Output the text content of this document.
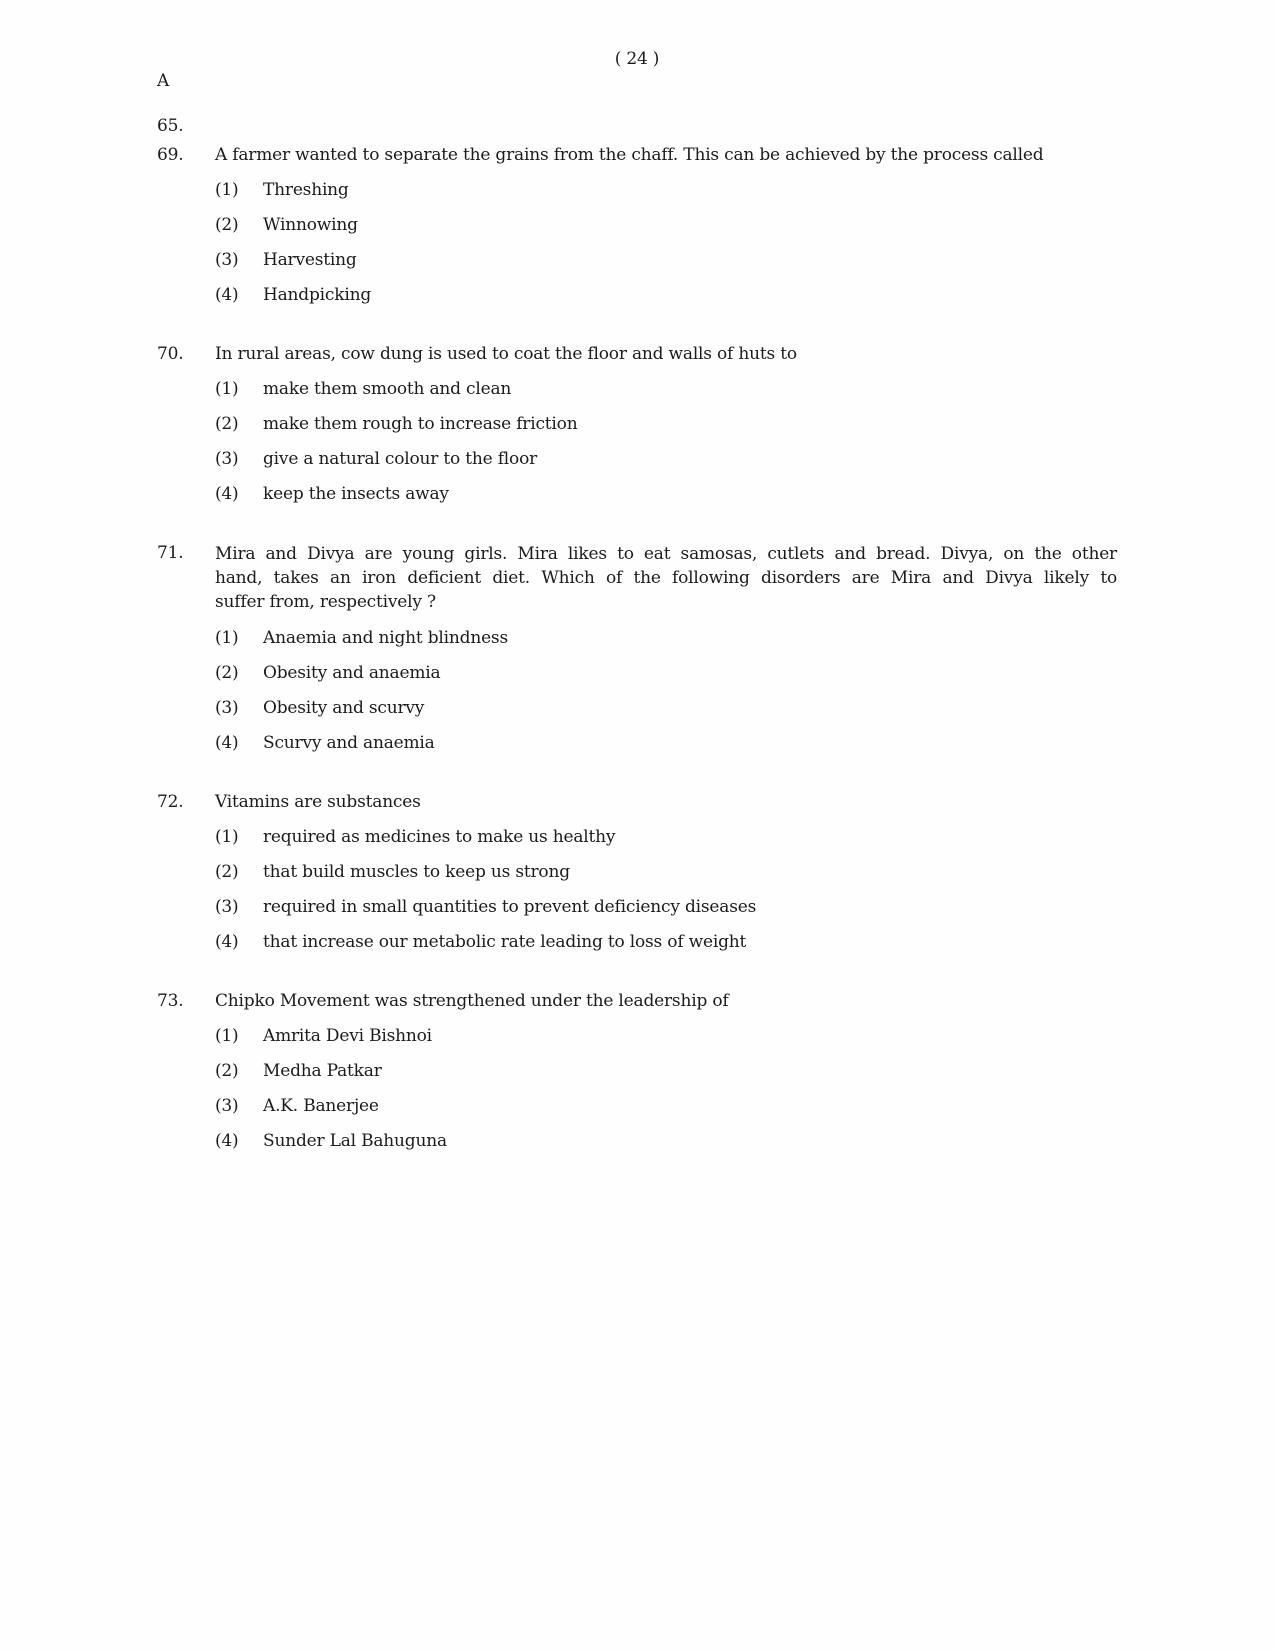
( 24 )
A
65.
69.	A farmer wanted to separate the grains from the chaff. This can be achieved by the process called
(1)	Threshing
(2)	Winnowing
(3)	Harvesting
(4)	Handpicking
70.	In rural areas, cow dung is used to coat the floor and walls of huts to
(1)	make them smooth and clean
(2)	make them rough to increase friction
(3)	give a natural colour to the floor
(4)	keep the insects away
71.	Mira and Divya are young girls. Mira likes to eat samosas, cutlets and bread. Divya, on the other
hand, takes an iron deficient diet. Which of the following disorders are Mira and Divya likely to
suffer from, respectively ?
(1)	Anaemia and night blindness
(2)	Obesity and anaemia
(3)	Obesity and scurvy
(4)	Scurvy and anaemia
72.	Vitamins are substances
(1)	required as medicines to make us healthy
(2)	that build muscles to keep us strong
(3)	required in small quantities to prevent deficiency diseases
(4)	that increase our metabolic rate leading to loss of weight
73.	Chipko Movement was strengthened under the leadership of
(1)	Amrita Devi Bishnoi
(2)	Medha Patkar
(3)	A.K. Banerjee
(4)	Sunder Lal Bahuguna
